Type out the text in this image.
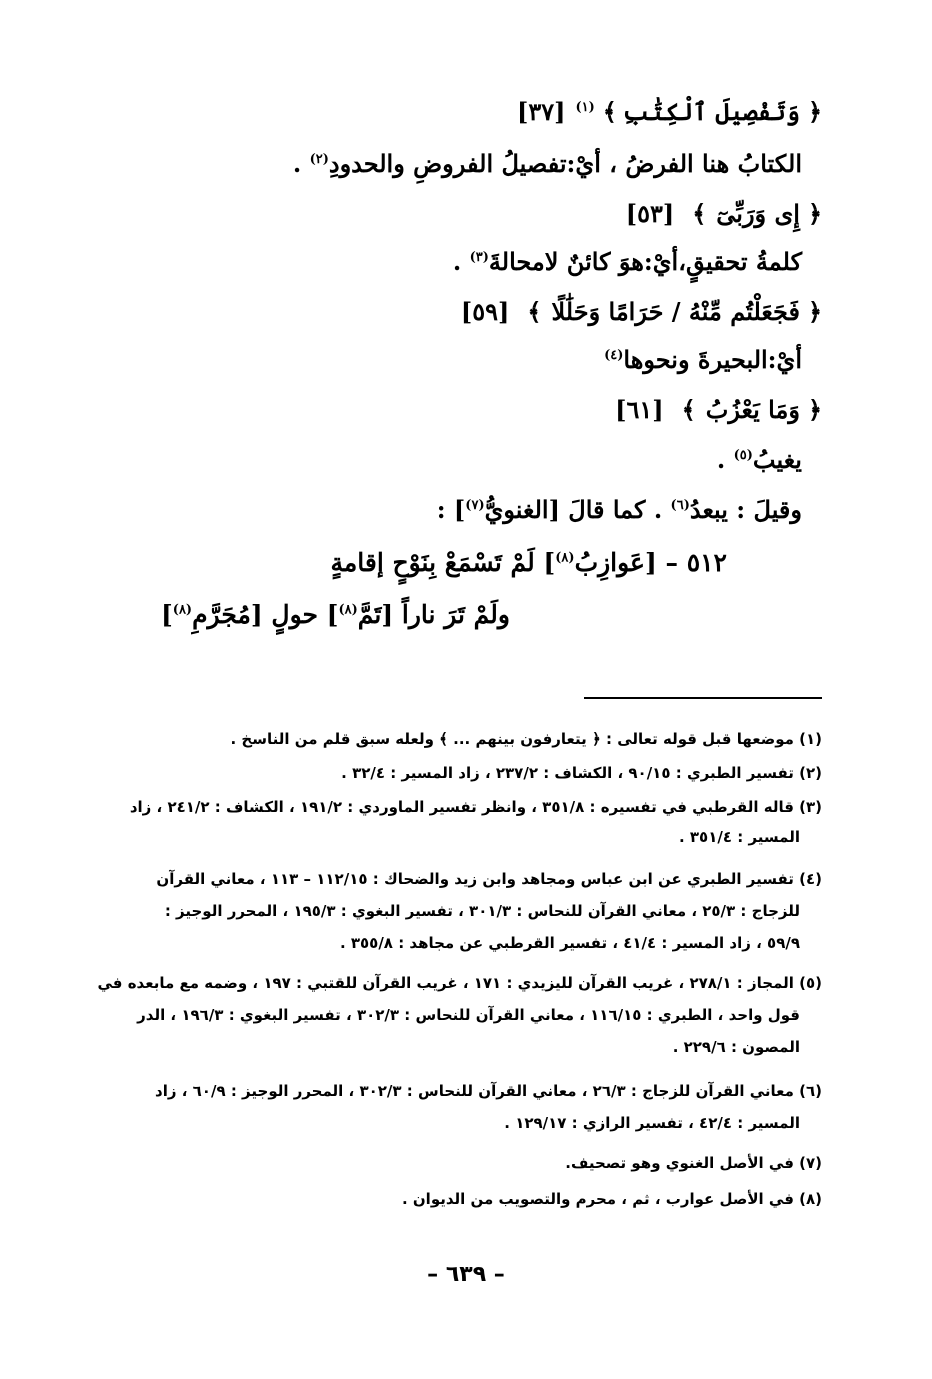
﴿وَتَفْصِيلَ ٱلْكِتَٰبِ﴾$^{(١)}$[٣٧]
الكتابُ هنا الفرضُ ، أيْ:تفصيلُ الفروضِ والحدودِ$^{(٢)}$ .
﴿إِى وَرَبِّىٓ﴾[٥٣]
كلمةُ تحقيقٍ،أيْ:هوَ كائنٌ لامحالةَ$^{(٣)}$ .
﴿فَجَعَلْتُم مِّنْهُ / حَرَامًا وَحَلَٰلًا﴾[٥٩]
أيْ:البحيرةَ ونحوها$^{(٤)}$
﴿وَمَا يَعْزُبُ﴾[٦١]
يغيبُ$^{(٥)}$ .
وقيلَ : يبعدُ$^{(٦)}$ . كما قالَ [الغنويُّ$^{(٧)}$] :
٥١٢ – [عَوازِبُ$^{(٨)}$] لَمْ تَسْمَعْ بِنَوْحٍ إقامةٍ
ولَمْ تَرَ ناراً [تَمَّ$^{(٨)}$] حولٍ [مُجَرَّمِ$^{(٨)}$]
(١) موضعها قبل قوله تعالى : ﴿ يتعارفون بينهم ... ﴾ ولعله سبق قلم من الناسخ .
(٢) تفسير الطبري : ٩٠/١٥ ، الكشاف : ٢٣٧/٢ ، زاد المسير : ٣٢/٤ .
(٣) قاله القرطبي في تفسيره : ٣٥١/٨ ، وانظر تفسير الماوردي : ١٩١/٢ ، الكشاف : ٢٤١/٢ ، زاد
المسير : ٣٥١/٤ .
(٤) تفسير الطبري عن ابن عباس ومجاهد وابن زيد والضحاك : ١١٢/١٥ – ١١٣ ، معاني القرآن
للزجاج : ٢٥/٣ ، معاني القرآن للنحاس : ٣٠١/٣ ، تفسير البغوي : ١٩٥/٣ ، المحرر الوجيز :
٥٩/٩ ، زاد المسير : ٤١/٤ ، تفسير القرطبي عن مجاهد : ٣٥٥/٨ .
(٥) المجاز : ٢٧٨/١ ، غريب القرآن لليزيدي : ١٧١ ، غريب القرآن للقتبي : ١٩٧ ، وضمه مع مابعده في
قول واحد ، الطبري : ١١٦/١٥ ، معاني القرآن للنحاس : ٣٠٢/٣ ، تفسير البغوي : ١٩٦/٣ ، الدر
المصون : ٢٢٩/٦ .
(٦) معاني القرآن للزجاج : ٢٦/٣ ، معاني القرآن للنحاس : ٣٠٢/٣ ، المحرر الوجيز : ٦٠/٩ ، زاد
المسير : ٤٢/٤ ، تفسير الرازي : ١٢٩/١٧ .
(٧) في الأصل الغنوي وهو تصحيف.
(٨) في الأصل عوارب ، ثم ، محرم والتصويب من الديوان .
– ٦٣٩ –
